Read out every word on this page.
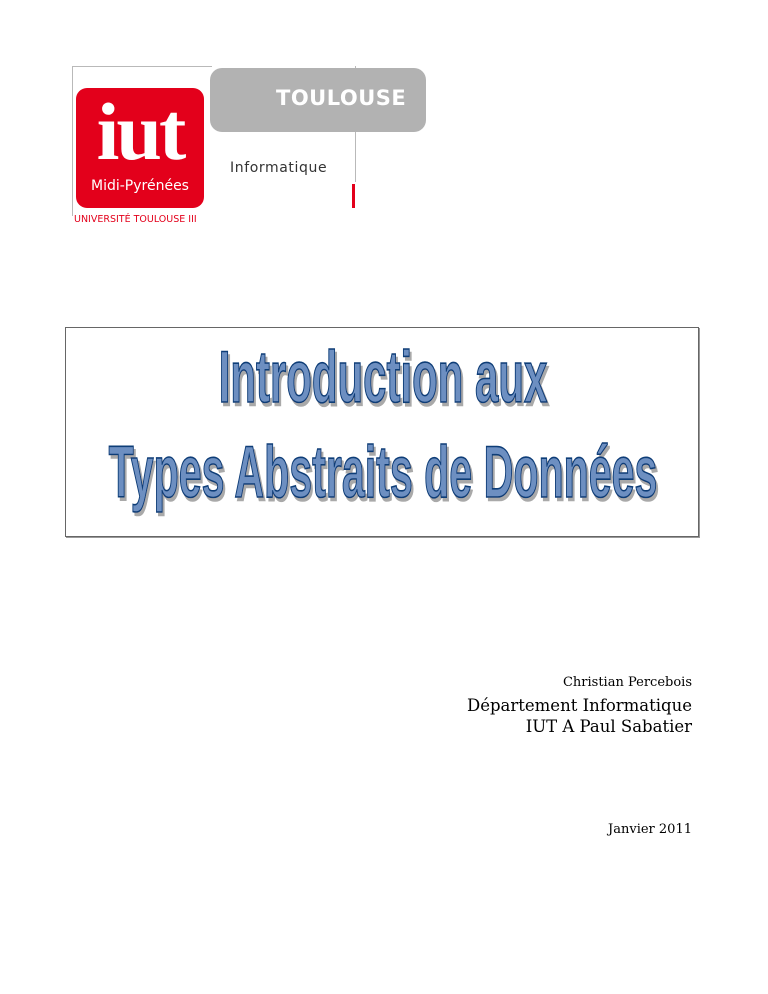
TOULOUSE
iut
Midi-Pyrénées
Informatique
UNIVERSITÉ TOULOUSE III
Introduction aux
Types Abstraits de Données
Christian Percebois
Département Informatique
IUT A Paul Sabatier
Janvier 2011
